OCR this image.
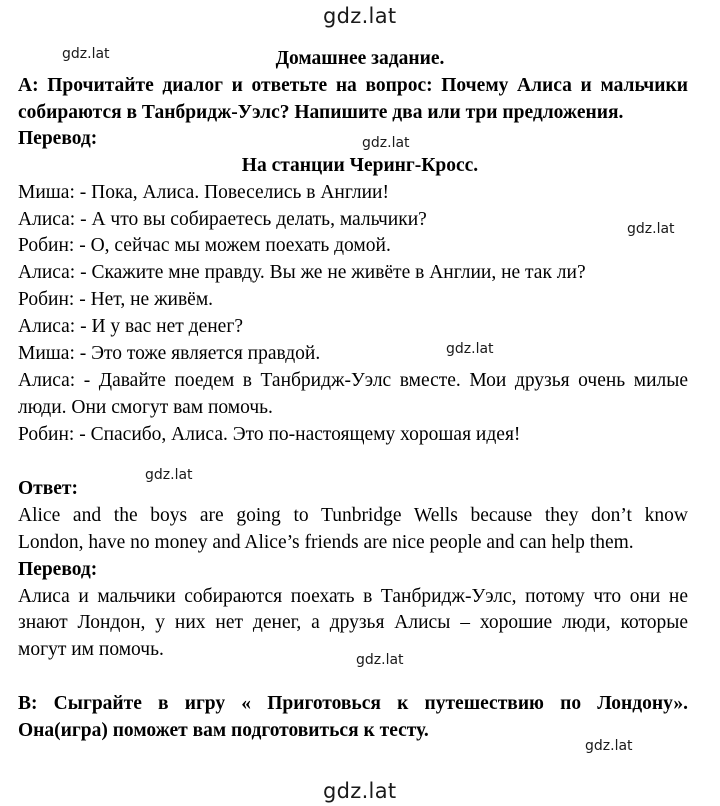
gdz.lat
gdz.lat
gdz.lat
gdz.lat
gdz.lat
gdz.lat
gdz.lat
gdz.lat
gdz.lat
Домашнее задание.
A: Прочитайте диалог и ответьте на вопрос: Почему Алиса и мальчики
собираются в Танбридж-Уэлс? Напишите два или три предложения.
Перевод:
На станции Черинг-Кросс.
Миша: - Пока, Алиса. Повеселись в Англии!
Алиса: - А что вы собираетесь делать, мальчики?
Робин: - О, сейчас мы можем поехать домой.
Алиса: - Скажите мне правду. Вы же не живёте в Англии, не так ли?
Робин: - Нет, не живём.
Алиса: - И у вас нет денег?
Миша: - Это тоже является правдой.
Алиса: - Давайте поедем в Танбридж-Уэлс вместе. Мои друзья очень милые
люди. Они смогут вам помочь.
Робин: - Спасибо, Алиса. Это по-настоящему хорошая идея!
Ответ:
Alice and the boys are going to Tunbridge Wells because they don’t know
London, have no money and Alice’s friends are nice people and can help them.
Перевод:
Алиса и мальчики собираются поехать в Танбридж-Уэлс, потому что они не
знают Лондон, у них нет денег, а друзья Алисы – хорошие люди, которые
могут им помочь.
B: Сыграйте в игру « Приготовься к путешествию по Лондону».
Она(игра) поможет вам подготовиться к тесту.
